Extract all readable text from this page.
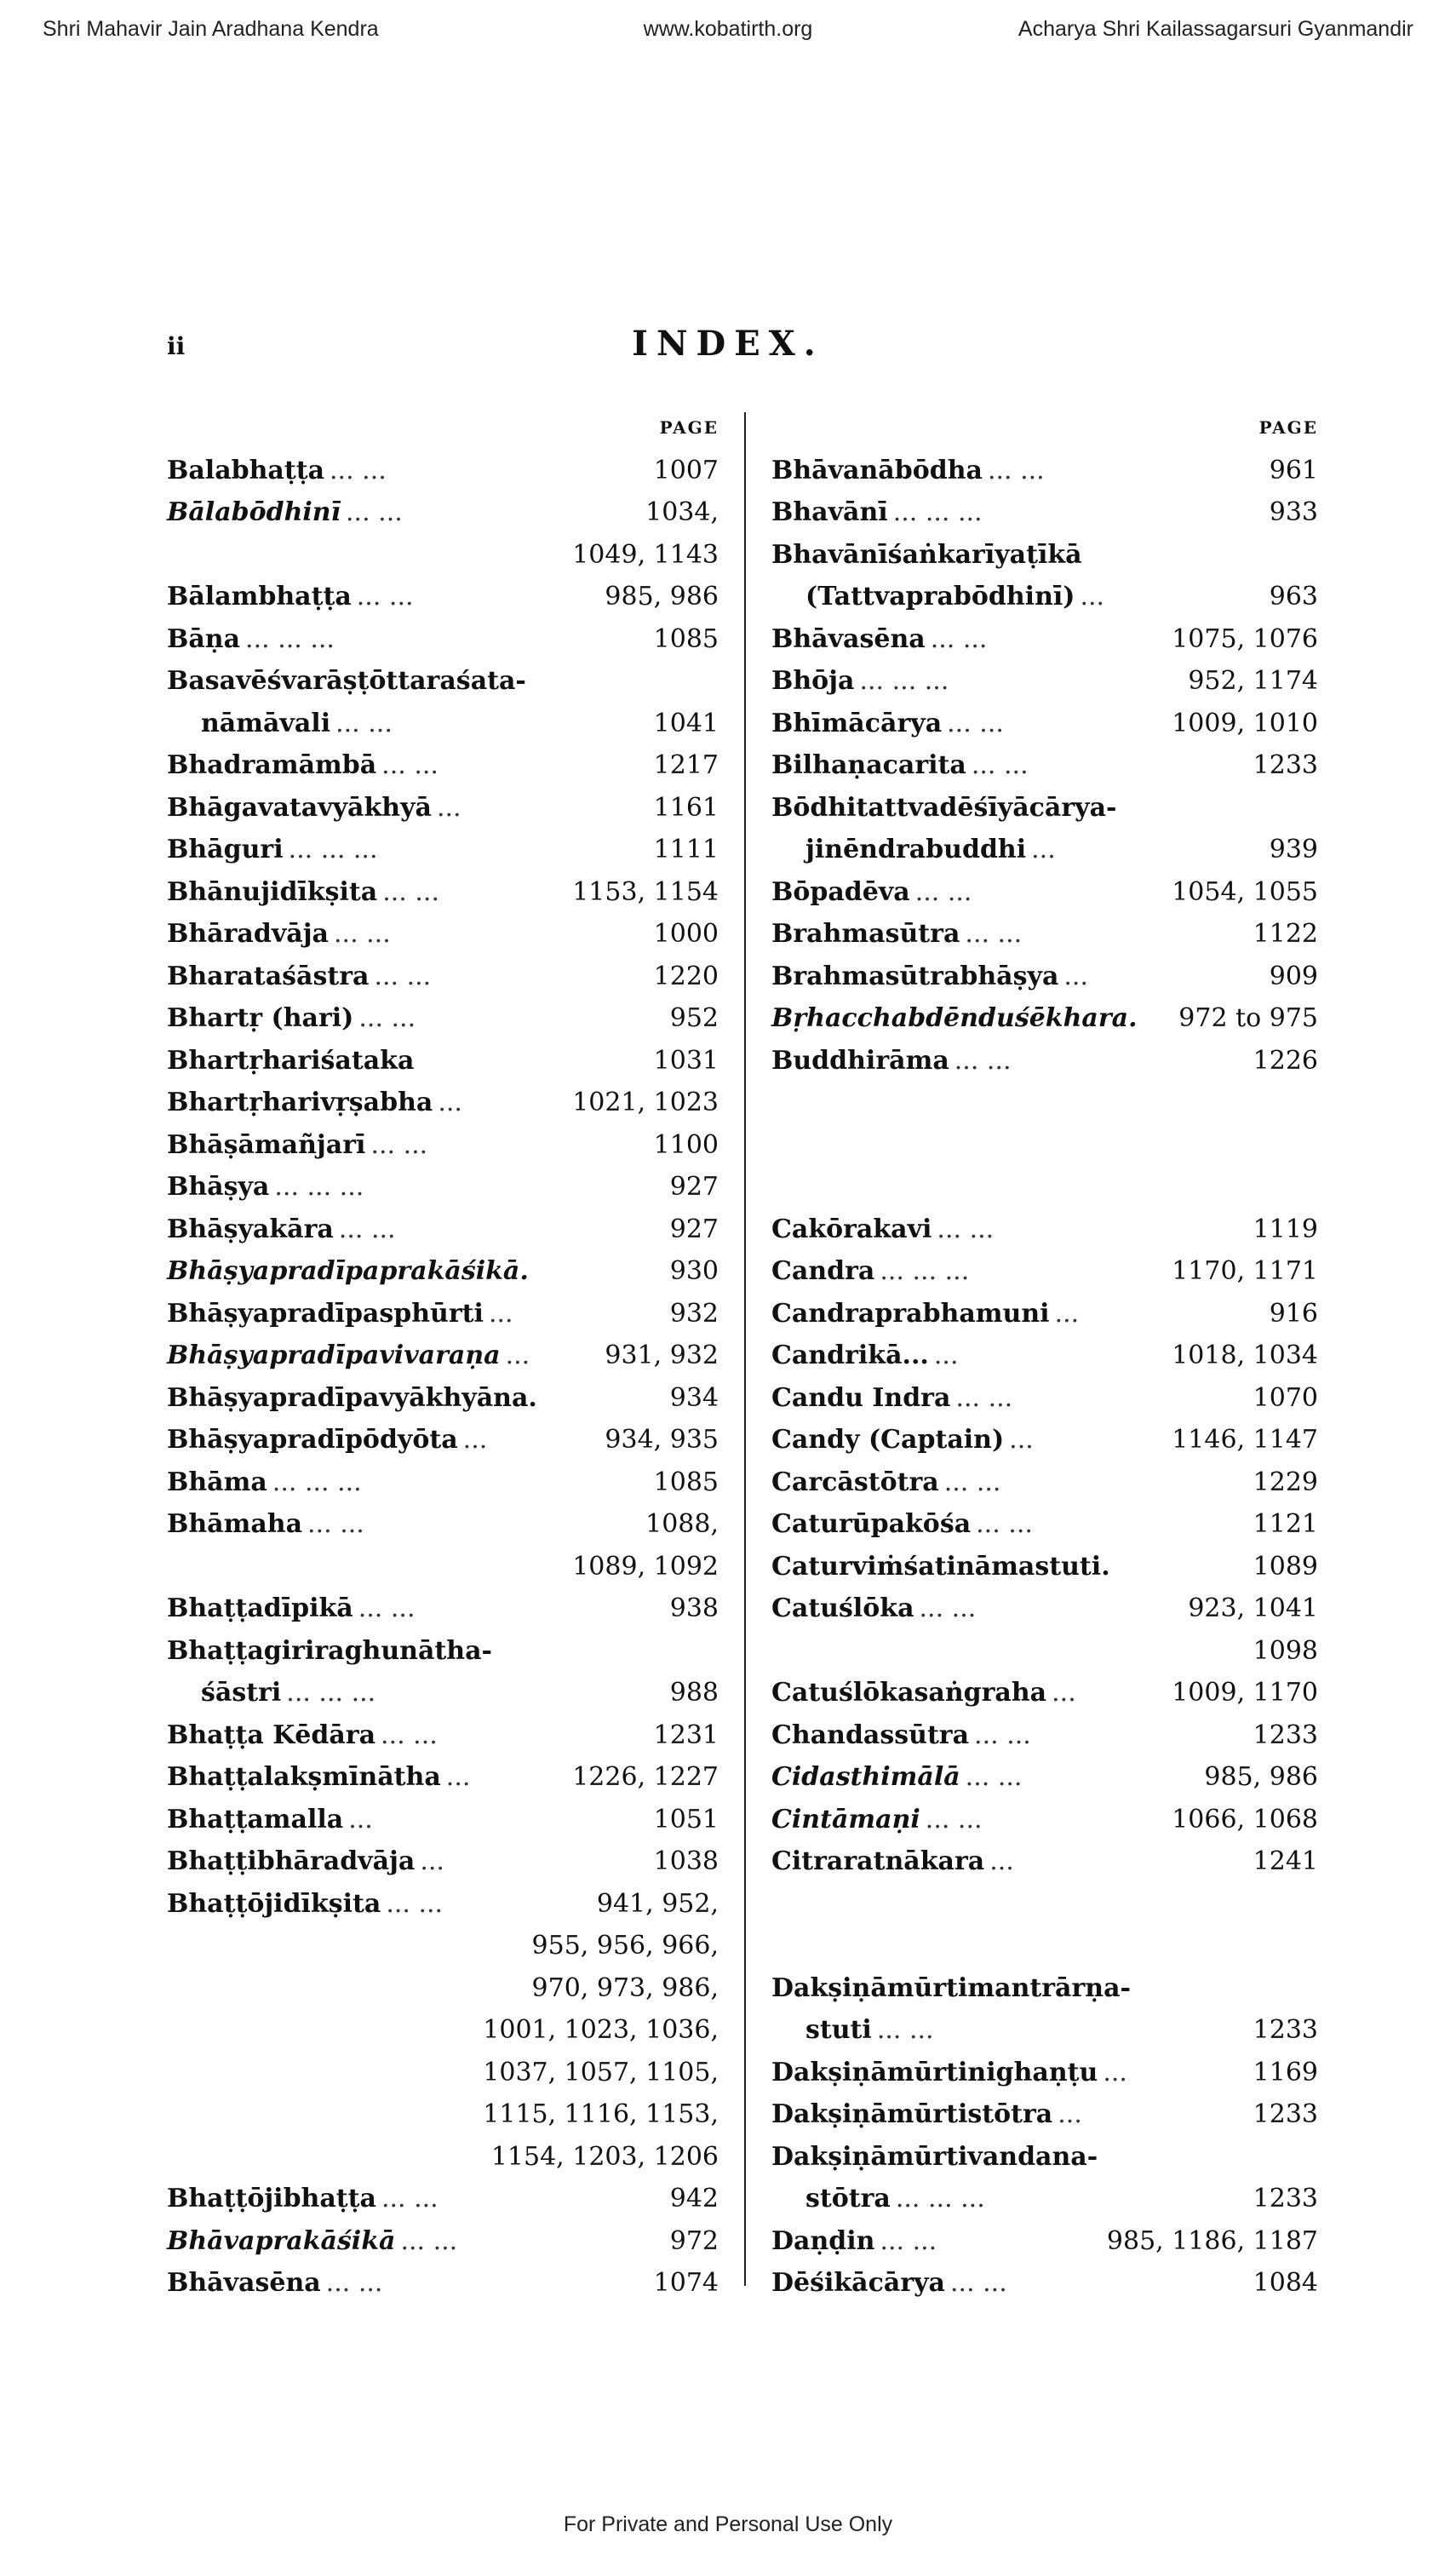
Shri Mahavir Jain Aradhana Kendra	www.kobatirth.org	Acharya Shri Kailassagarsuri Gyanmandir
ii	INDEX.
PAGE
Balabhaṭṭa ... ...	1007
Bālabōdhinī ... ...	1034,
1049, 1143
Bālambhaṭṭa ... ...	985, 986
Bāṇa ... ... ...	1085
Basavēśvarāṣṭōttaraśata-
nāmāvali ... ...	1041
Bhadramāmbā ... ...	1217
Bhāgavatavyākhyā ...	1161
Bhāguri ... ... ...	1111
Bhānujidīkṣita ... ...	1153, 1154
Bhāradvāja ... ...	1000
Bharataśāstra ... ...	1220
Bhartṛ (hari) ... ...	952
Bhartṛhariśataka	1031
Bhartṛharivṛṣabha ...	1021, 1023
Bhāṣāmañjarī ... ...	1100
Bhāṣya ... ... ...	927
Bhāṣyakāra ... ...	927
Bhāṣyapradīpaprakāśikā.	930
Bhāṣyapradīpasphūrti ...	932
Bhāṣyapradīpavivaraṇa ...	931, 932
Bhāṣyapradīpavyākhyāna.	934
Bhāṣyapradīpōdyōta ...	934, 935
Bhāma ... ... ...	1085
Bhāmaha ... ...	1088,
1089, 1092
Bhaṭṭadīpikā ... ...	938
Bhaṭṭagiriraghunātha-
śāstri ... ... ...	988
Bhaṭṭa Kēdāra ... ...	1231
Bhaṭṭalakṣmīnātha ...	1226, 1227
Bhaṭṭamalla ...	1051
Bhaṭṭibhāradvāja ...	1038
Bhaṭṭōjidīkṣita ... ...	941, 952,
955, 956, 966,
970, 973, 986,
1001, 1023, 1036,
1037, 1057, 1105,
1115, 1116, 1153,
1154, 1203, 1206
Bhaṭṭōjibhaṭṭa ... ...	942
Bhāvaprakāśikā ... ...	972
Bhāvasēna ... ...	1074
PAGE
Bhāvanābōdha ... ...	961
Bhavānī ... ... ...	933
Bhavānīśaṅkarīyaṭīkā
(Tattvaprabōdhinī) ...	963
Bhāvasēna ... ...	1075, 1076
Bhōja ... ... ...	952, 1174
Bhīmācārya ... ...	1009, 1010
Bilhaṇacarita ... ...	1233
Bōdhitattvadēśīyācārya-
jinēndrabuddhi ...	939
Bōpadēva ... ...	1054, 1055
Brahmasūtra ... ...	1122
Brahmasūtrabhāṣya ...	909
Bṛhacchabdēnduśēkhara. 972 to 975
Buddhirāma ... ...	1226
Cakōrakavi ... ...	1119
Candra ... ... ...	1170, 1171
Candraprabhamuni ...	916
Candrikā... ...	1018, 1034
Candu Indra ... ...	1070
Candy (Captain) ...	1146, 1147
Carcāstōtra ... ...	1229
Caturūpakōśa ... ...	1121
Caturviṁśatināmastuti.	1089
Catuślōka ... ...	923, 1041
1098
Catuślōkasaṅgraha ...	1009, 1170
Chandassūtra ... ...	1233
Cidasthimālā ... ...	985, 986
Cintāmaṇi ... ...	1066, 1068
Citraratnākara ...	1241
Dakṣiṇāmūrtimantrārṇa-
stuti ... ...	1233
Dakṣiṇāmūrtinighaṇṭu ...	1169
Dakṣiṇāmūrtistōtra ...	1233
Dakṣiṇāmūrtivandana-
stōtra ... ... ...	1233
Daṇḍin ... ...	985, 1186, 1187
Dēśikācārya ... ...	1084
For Private and Personal Use Only
